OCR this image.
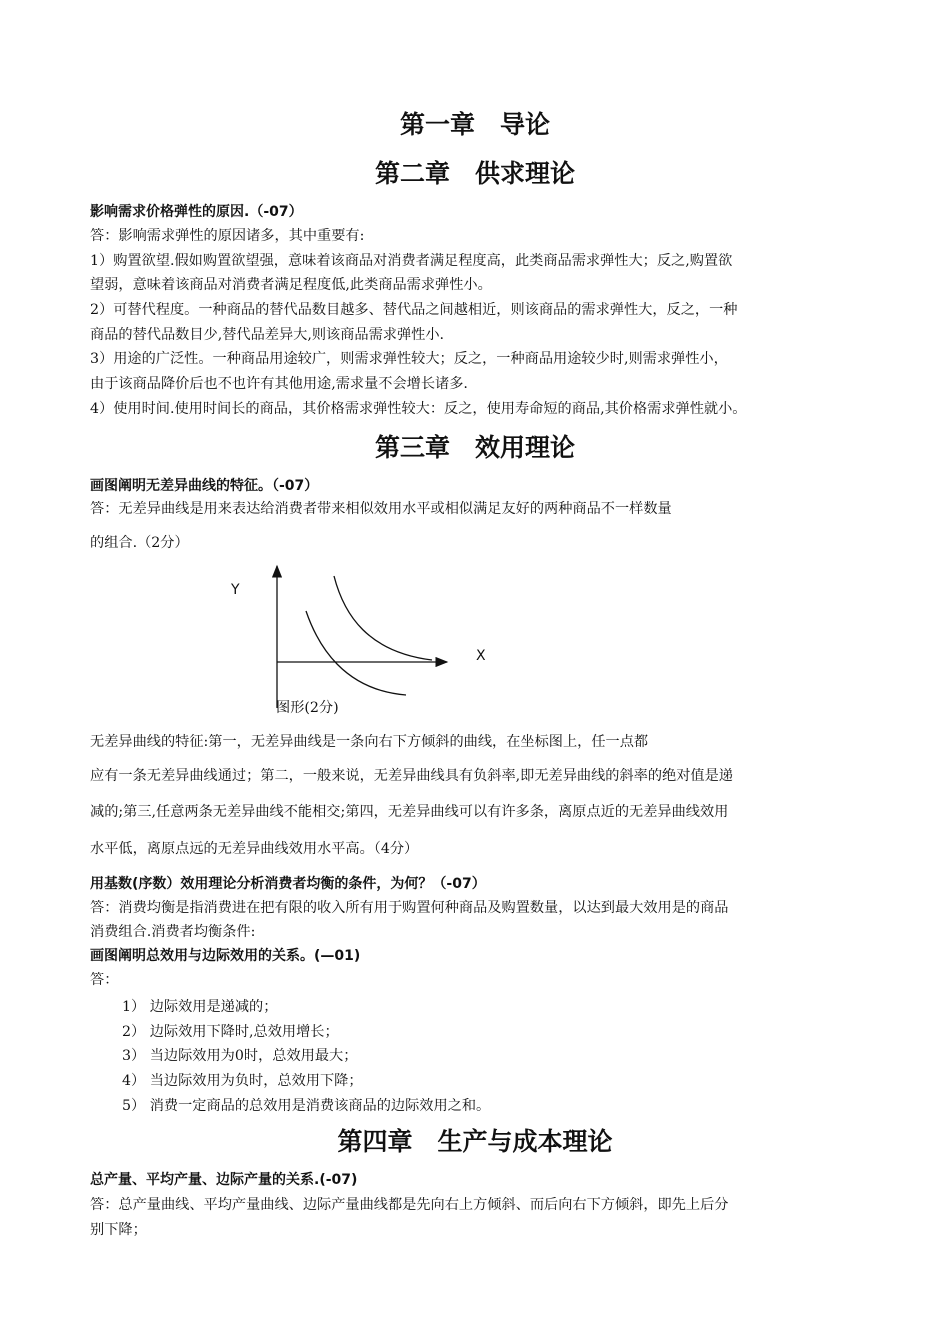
第一章　导论
第二章　供求理论
影响需求价格弹性的原因.（-07）
答：影响需求弹性的原因诸多，其中重要有:
1）购置欲望.假如购置欲望强，意味着该商品对消费者满足程度高，此类商品需求弹性大；反之,购置欲
望弱，意味着该商品对消费者满足程度低,此类商品需求弹性小。
2）可替代程度。一种商品的替代品数目越多、替代品之间越相近，则该商品的需求弹性大，反之，一种
商品的替代品数目少,替代品差异大,则该商品需求弹性小.
3）用途的广泛性。一种商品用途较广，则需求弹性较大；反之，一种商品用途较少时,则需求弹性小，
由于该商品降价后也不也许有其他用途,需求量不会增长诸多.
4）使用时间.使用时间长的商品，其价格需求弹性较大：反之，使用寿命短的商品,其价格需求弹性就小。
第三章　效用理论
画图阐明无差异曲线的特征。（-07）
答：无差异曲线是用来表达给消费者带来相似效用水平或相似满足友好的两种商品不一样数量
的组合.（2分）
Y
X
图形(2分)
无差异曲线的特征:第一，无差异曲线是一条向右下方倾斜的曲线，在坐标图上，任一点都
应有一条无差异曲线通过；第二，一般来说，无差异曲线具有负斜率,即无差异曲线的斜率的绝对值是递
减的;第三,任意两条无差异曲线不能相交;第四，无差异曲线可以有许多条，离原点近的无差异曲线效用
水平低，离原点远的无差异曲线效用水平高。（4分）
用基数(序数）效用理论分析消费者均衡的条件，为何？（-07）
答：消费均衡是指消费进在把有限的收入所有用于购置何种商品及购置数量，以达到最大效用是的商品
消费组合.消费者均衡条件:
画图阐明总效用与边际效用的关系。(—01)
答：
1） 边际效用是递减的；
2） 边际效用下降时,总效用增长；
3） 当边际效用为0时，总效用最大；
4） 当边际效用为负时，总效用下降；
5） 消费一定商品的总效用是消费该商品的边际效用之和。
第四章　生产与成本理论
总产量、平均产量、边际产量的关系.(-07)
答：总产量曲线、平均产量曲线、边际产量曲线都是先向右上方倾斜、而后向右下方倾斜，即先上后分
别下降；
